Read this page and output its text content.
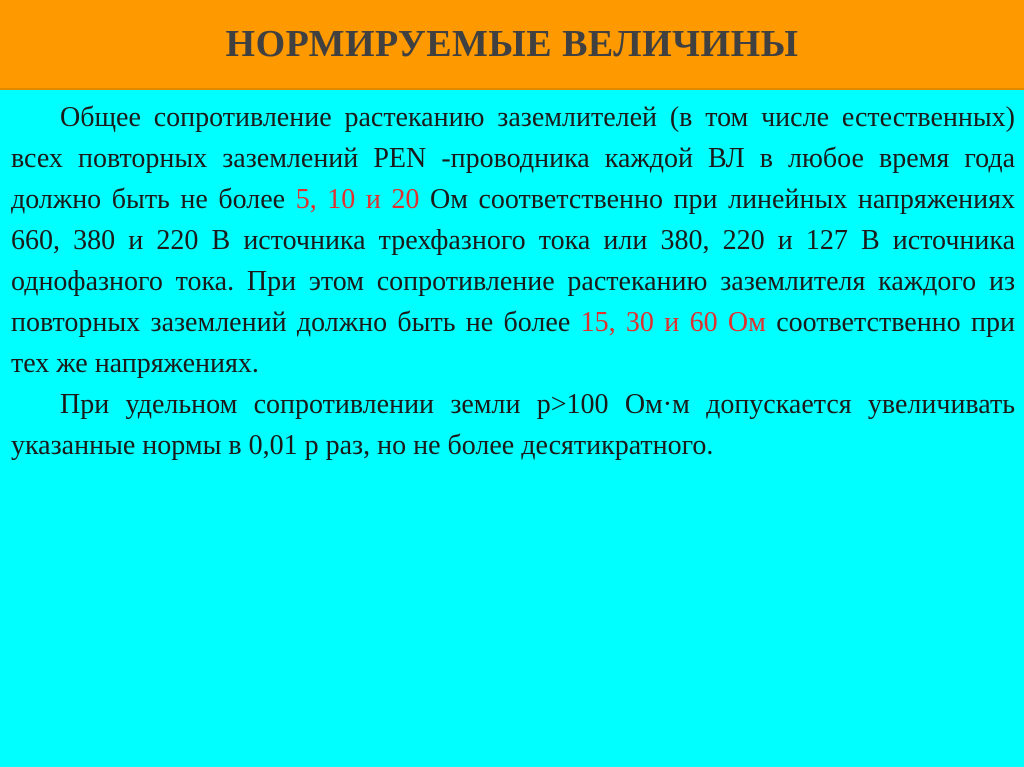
НОРМИРУЕМЫЕ ВЕЛИЧИНЫ

Общее сопротивление растеканию заземлителей (в том числе естественных) всех повторных заземлений PEN -проводника каждой ВЛ в любое время года должно быть не более 5, 10 и 20 Ом соответственно при линейных напряжениях 660, 380 и 220 В источника трехфазного тока или 380, 220 и 127 В источника однофазного тока. При этом сопротивление растеканию заземлителя каждого из повторных заземлений должно быть не более 15, 30 и 60 Ом соответственно при тех же напряжениях.

При удельном сопротивлении земли р>100 Ом·м допускается увеличивать указанные нормы в 0,01 р раз, но не более десятикратного.
